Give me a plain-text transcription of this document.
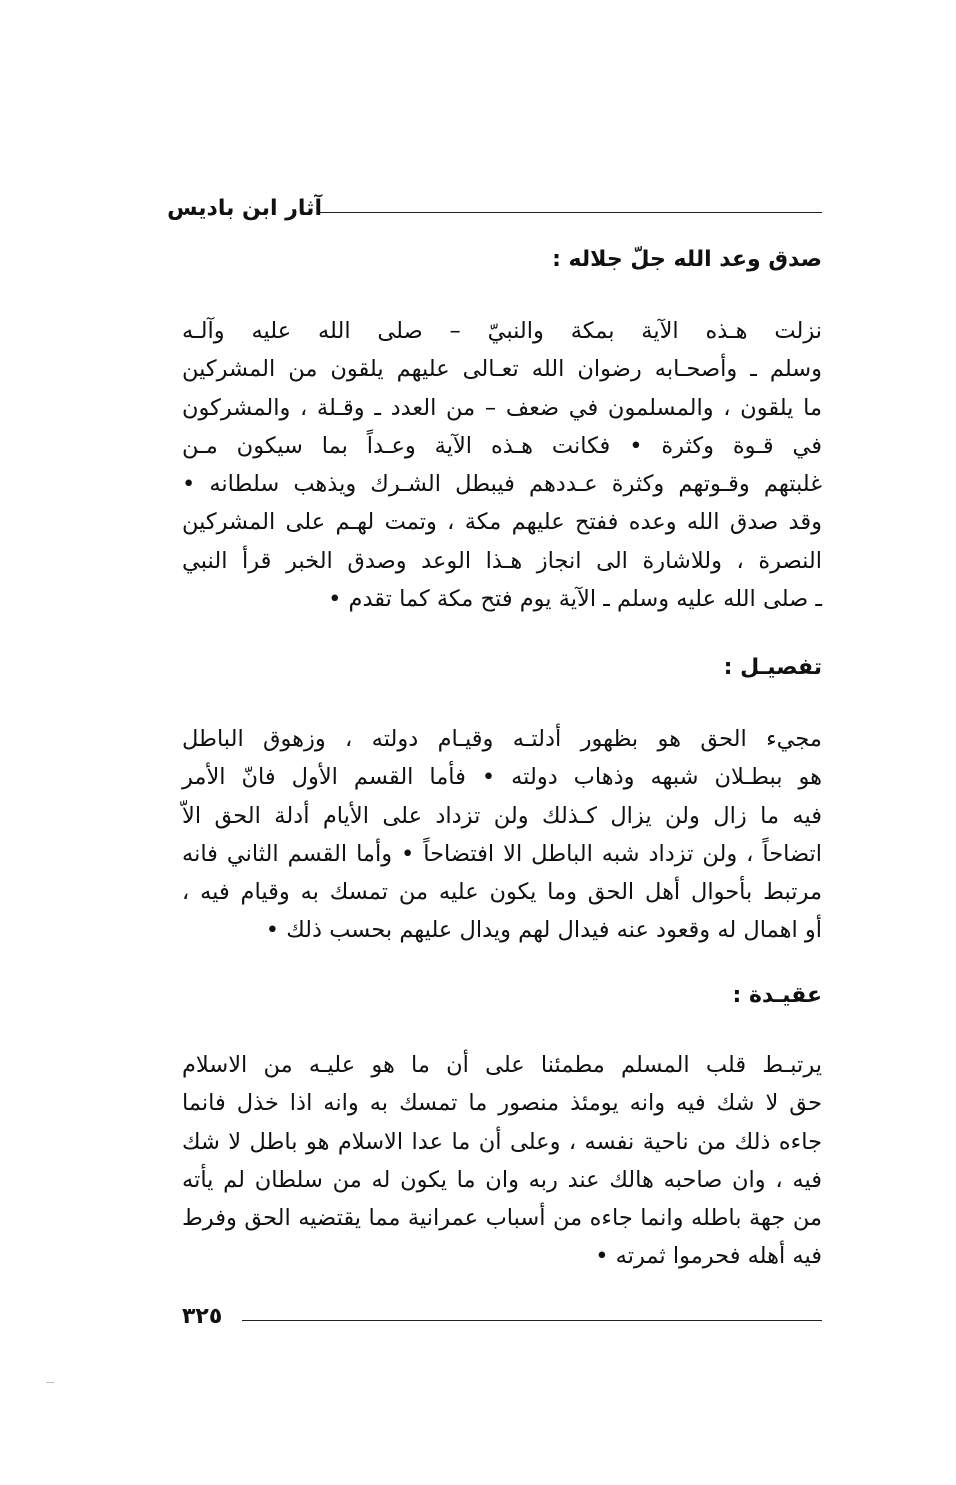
آثار ابن باديس
صدق وعد الله جلّ جلاله :
نزلت هـذه الآية بمكة والنبيّ – صلى الله عليه وآلـه
وسلم ـ وأصحـابه رضوان الله تعـالى عليهم يلقون من المشركين
ما يلقون ، والمسلمون في ضعف – من العدد ـ وقـلة ، والمشركون
في قـوة وكثرة • فكانت هـذه الآية وعـداً بما سيكون مـن
غلبتهم وقـوتهم وكثرة عـددهم فيبطل الشـرك ويذهب سلطانه •
وقد صدق الله وعده ففتح عليهم مكة ، وتمت لهـم على المشركين
النصرة ، وللاشارة الى انجاز هـذا الوعد وصدق الخبر قرأ النبي
ـ صلى الله عليه وسلم ـ الآية يوم فتح مكة كما تقدم •
تفصيـل :
مجيء الحق هو بظهور أدلتـه وقيـام دولته ، وزهوق الباطل
هو ببطـلان شبهه وذهاب دولته • فأما القسم الأول فانّ الأمر
فيه ما زال ولن يزال كـذلك ولن تزداد على الأيام أدلة الحق الاّ
اتضاحاً ، ولن تزداد شبه الباطل الا افتضاحاً • وأما القسم الثاني فانه
مرتبط بأحوال أهل الحق وما يكون عليه من تمسك به وقيام فيه ،
أو اهمال له وقعود عنه فيدال لهم ويدال عليهم بحسب ذلك •
عقيـدة :
يرتبـط قلب المسلم مطمئنا على أن ما هو عليـه من الاسلام
حق لا شك فيه وانه يومئذ منصور ما تمسك به وانه اذا خذل فانما
جاءه ذلك من ناحية نفسه ، وعلى أن ما عدا الاسلام هو باطل لا شك
فيه ، وان صاحبه هالك عند ربه وان ما يكون له من سلطان لم يأته
من جهة باطله وانما جاءه من أسباب عمرانية مما يقتضيه الحق وفرط
فيه أهله فحرموا ثمرته •
٣٢٥
